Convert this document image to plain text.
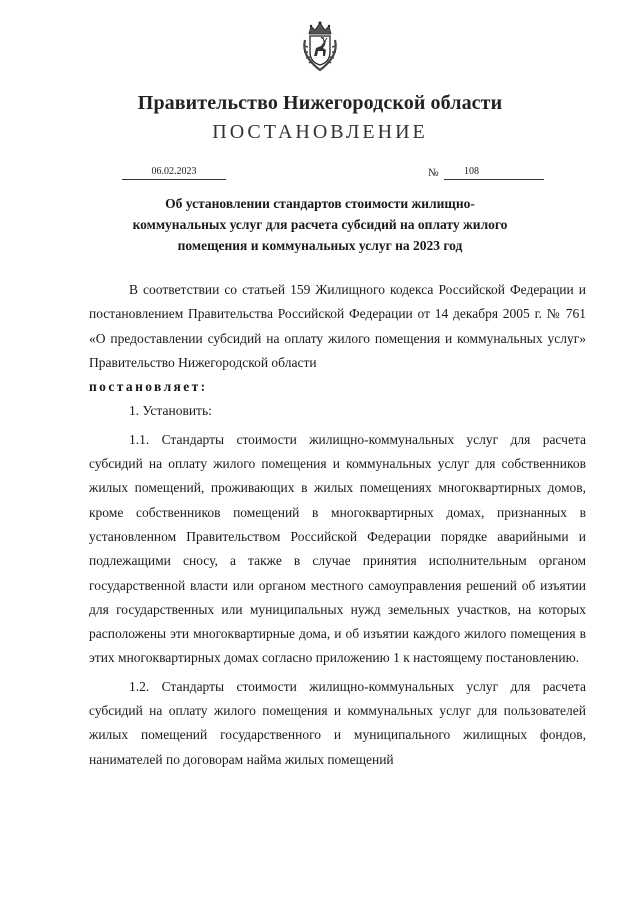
Правительство Нижегородской области
ПОСТАНОВЛЕНИЕ
06.02.2023	№	108
Об установлении стандартов стоимости жилищно-
коммунальных услуг для расчета субсидий на оплату жилого
помещения и коммунальных услуг на 2023 год

В соответствии со статьей 159 Жилищного кодекса Российской Федерации и постановлением Правительства Российской Федерации от 14 декабря 2005 г. № 761 «О предоставлении субсидий на оплату жилого помещения и коммунальных услуг» Правительство Нижегородской области

постановляет:

1. Установить:

1.1. Стандарты стоимости жилищно-коммунальных услуг для расчета субсидий на оплату жилого помещения и коммунальных услуг для собственников жилых помещений, проживающих в жилых помещениях многоквартирных домов, кроме собственников помещений в многоквартирных домах, признанных в установленном Правительством Российской Федерации порядке аварийными и подлежащими сносу, а также в случае принятия исполнительным органом государственной власти или органом местного самоуправления решений об изъятии для государственных или муниципальных нужд земельных участков, на которых расположены эти многоквартирные дома, и об изъятии каждого жилого помещения в этих многоквартирных домах согласно приложению 1 к настоящему постановлению.

1.2. Стандарты стоимости жилищно-коммунальных услуг для расчета субсидий на оплату жилого помещения и коммунальных услуг для пользователей жилых помещений государственного и муниципального жилищных фондов, нанимателей по договорам найма жилых помещений
